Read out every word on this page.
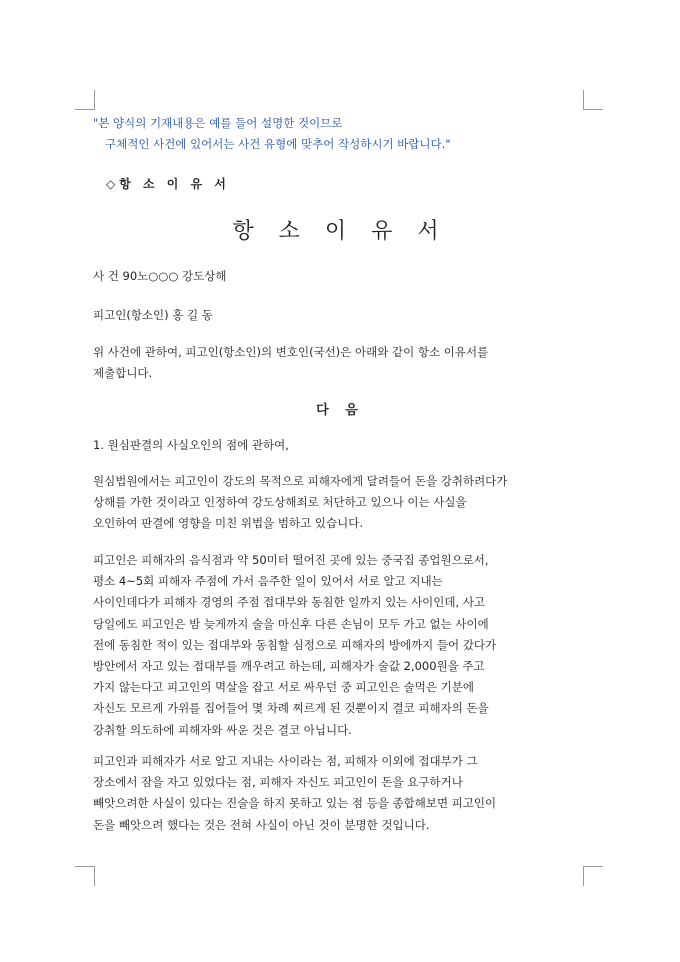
"본 양식의 기재내용은 예를 들어 설명한 것이므로
구체적인 사건에 있어서는 사건 유형에 맞추어 작성하시기 바랍니다."
◇항 소 이 유 서
항 소 이 유 서
사 건 90노○○○ 강도상해
피고인(항소인) 홍 길 동
위 사건에 관하여, 피고인(항소인)의 변호인(국선)은 아래와 같이 항소 이유서를
제출합니다.
다 음
1. 원심판결의 사실오인의 점에 관하여,
원심법원에서는 피고인이 강도의 목적으로 피해자에게 달려들어 돈을 강취하려다가
상해를 가한 것이라고 인정하여 강도상해죄로 처단하고 있으나 이는 사실을
오인하여 판결에 영향을 미친 위법을 범하고 있습니다.
피고인은 피해자의 음식점과 약 50미터 떨어진 곳에 있는 중국집 종업원으로서,
평소 4~5회 피해자 주점에 가서 음주한 일이 있어서 서로 알고 지내는
사이인데다가 피해자 경영의 주점 접대부와 동침한 일까지 있는 사이인데, 사고
당일에도 피고인은 밤 늦게까지 술을 마신후 다른 손님이 모두 가고 없는 사이에
전에 동침한 적이 있는 접대부와 동침할 심정으로 피해자의 방에까지 들어 갔다가
방안에서 자고 있는 접대부를 깨우려고 하는데, 피해자가 술값 2,000원을 주고
가지 않는다고 피고인의 멱살을 잡고 서로 싸우던 중 피고인은 술먹은 기분에
자신도 모르게 가위를 집어들어 몇 차례 찌르게 된 것뿐이지 결코 피해자의 돈을
강취할 의도하에 피해자와 싸운 것은 결코 아닙니다.
피고인과 피해자가 서로 알고 지내는 사이라는 점, 피해자 이외에 접대부가 그
장소에서 잠을 자고 있었다는 점, 피해자 자신도 피고인이 돈을 요구하거나
빼앗으려한 사실이 있다는 진술을 하지 못하고 있는 점 등을 종합해보면 피고인이
돈을 빼앗으려 했다는 것은 전혀 사실이 아닌 것이 분명한 것입니다.
